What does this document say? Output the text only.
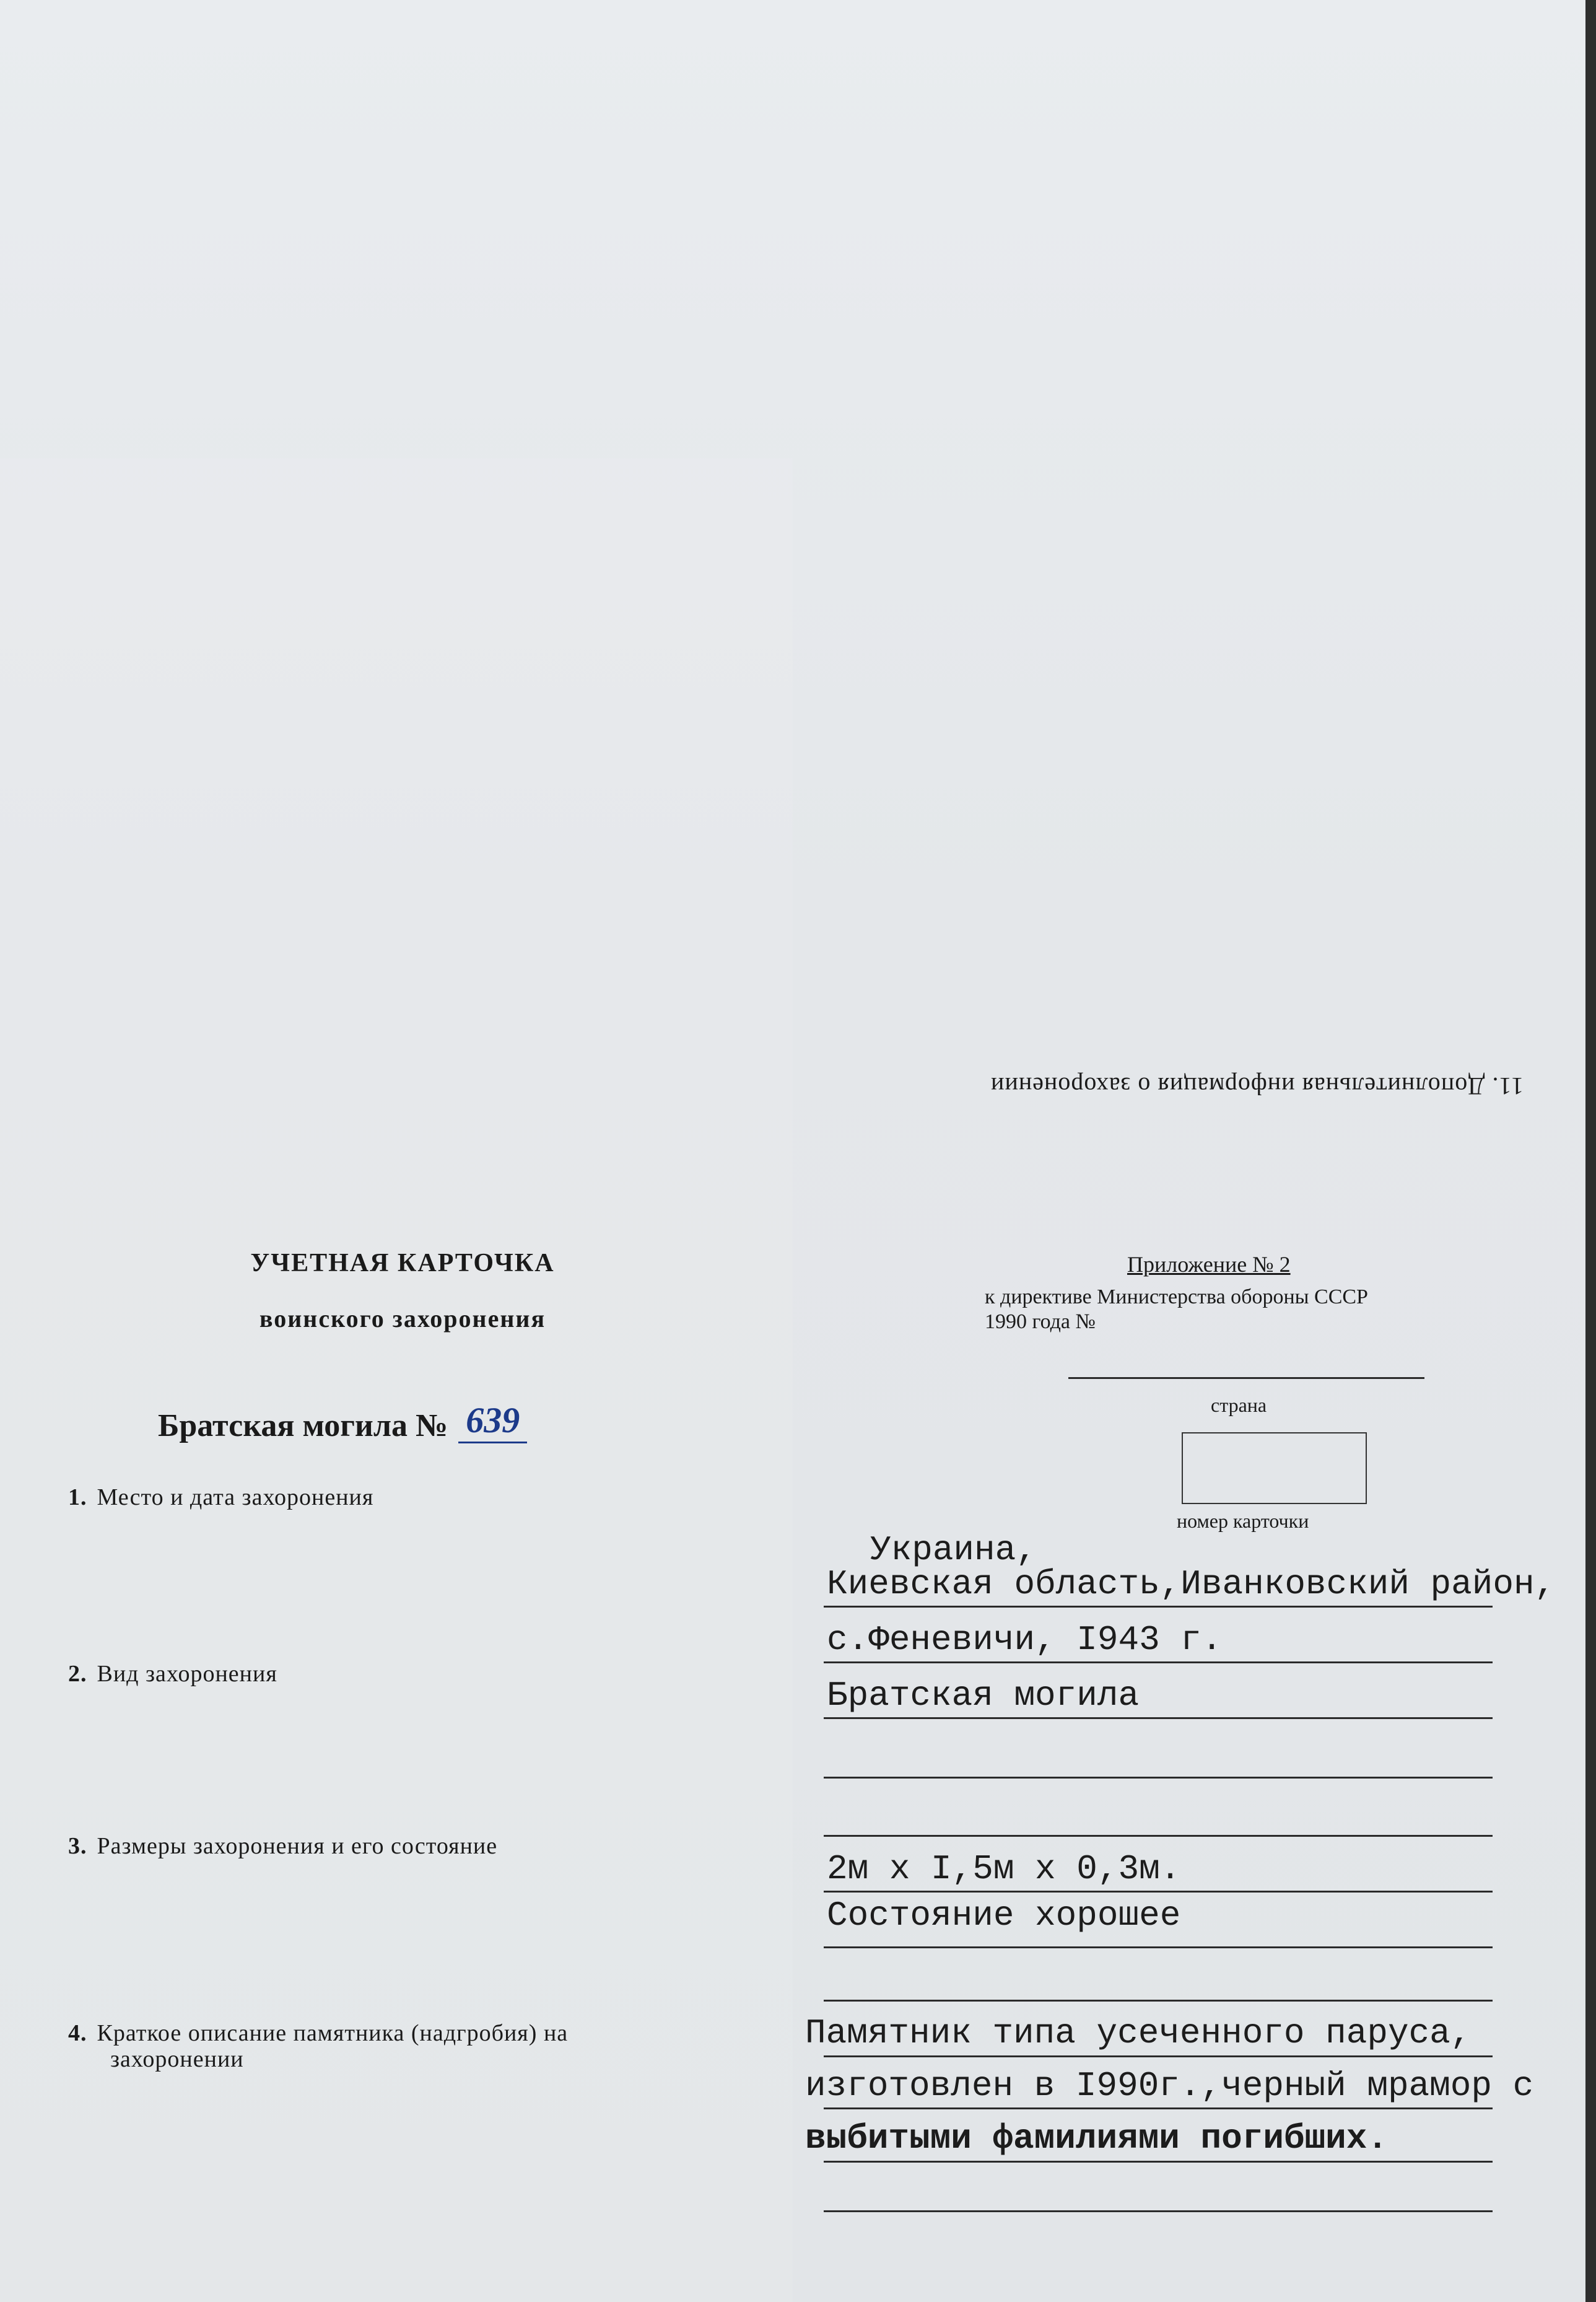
11. Дополнительная информация о захоронении
УЧЕТНАЯ КАРТОЧКА
воинского захоронения
Приложение № 2
к директиве Министерства обороны СССР
1990 года №
страна
номер карточки
Братская могила № 639
1. Место и дата захоронения
Украина,
Киевская область,Иванковский район,
с.Феневичи, I943 г.
2. Вид захоронения
Братская могила
3. Размеры захоронения и его состояние
2м х I,5м х 0,3м.
Состояние хорошее
4. Краткое описание памятника (надгробия) на
захоронении
Памятник типа усеченного паруса,
изготовлен в I990г.,черный мрамор с
выбитыми фамилиями погибших.
